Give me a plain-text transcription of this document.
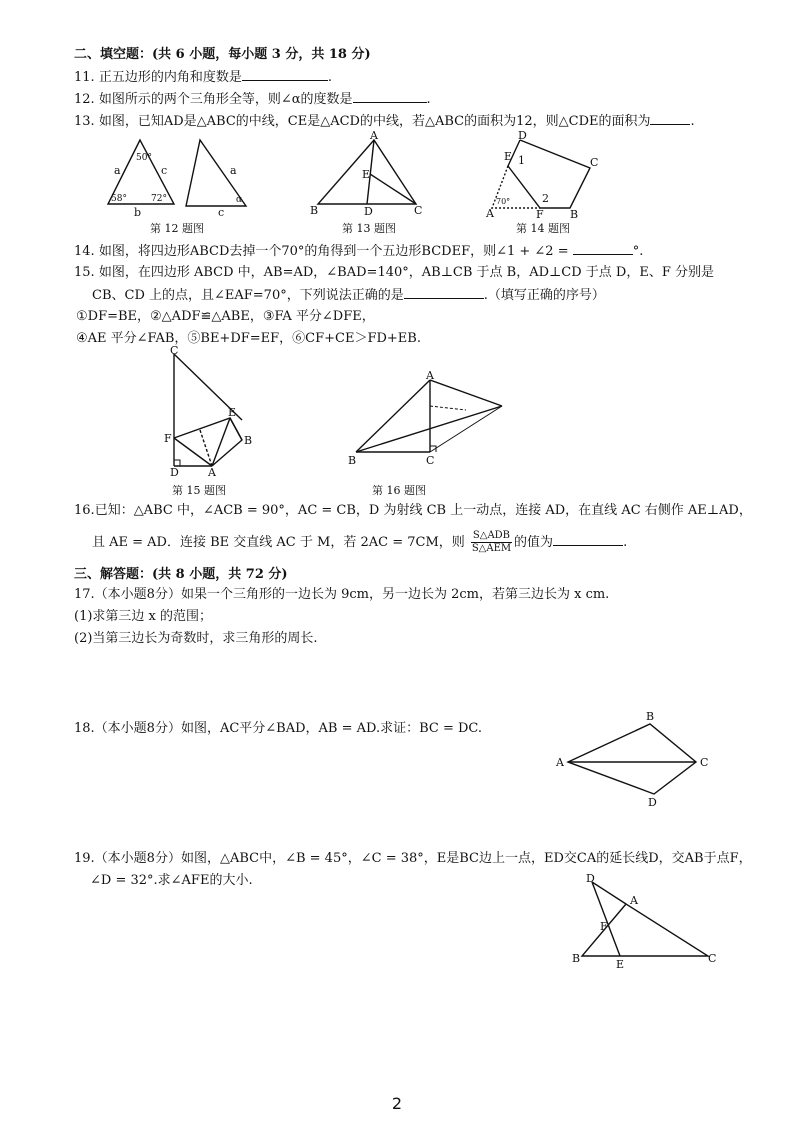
二、填空题：(共 6 小题，每小题 3 分，共 18 分)
11. 正五边形的内角和度数是	.
12. 如图所示的两个三角形全等，则∠α的度数是	.
13. 如图，已知AD是△ABC的中线，CE是△ACD的中线，若△ABC的面积为12，则△CDE的面积为	.
a	c
b
50°
58°	72°
a
c
α
第 12 题图
A
B	C
D
E
第 13 题图
D
E	C
A	F B
1
2
70°
第 14 题图
14. 如图，将四边形ABCD去掉一个70°的角得到一个五边形BCDEF，则∠1 + ∠2 =	°.
15. 如图，在四边形 ABCD 中，AB=AD，∠BAD=140°，AB⊥CB 于点 B，AD⊥CD 于点 D，E、F 分别是
CB、CD 上的点，且∠EAF=70°，下列说法正确的是	.（填写正确的序号）
①DF=BE，②△ADF≌△ABE，③FA 平分∠DFE，
④AE 平分∠FAB，⑤BE+DF=EF，⑥CF+CE＞FD+EB.
C
F
D	A
B
E
第 15 题图
A
B	C
第 16 题图
16.已知：△ABC 中，∠ACB = 90°，AC = CB，D 为射线 CB 上一动点，连接 AD，在直线 AC 右侧作 AE⊥AD，
且 AE = AD．连接 BE 交直线 AC 于 M，若 2AC = 7CM，则 $\frac{\text{S△ADB}}{\text{S△AEM}}$ 的值为	.
三、解答题：(共 8 小题，共 72 分)
17.（本小题8分）如果一个三角形的一边长为 9cm，另一边长为 2cm，若第三边长为 x cm.
(1)求第三边 x 的范围；
(2)当第三边长为奇数时，求三角形的周长.
18.（本小题8分）如图，AC平分∠BAD，AB = AD.求证：BC = DC.
A
B
C
D
19.（本小题8分）如图，△ABC中，∠B = 45°，∠C = 38°，E是BC边上一点，ED交CA的延长线D，交AB于点F，
∠D = 32°.求∠AFE的大小.	D
A
F
B	E	C
2
